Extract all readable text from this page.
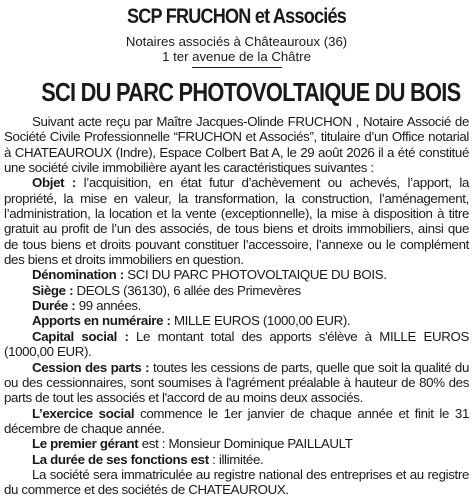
SCP FRUCHON et Associés
Notaires associés à Châteauroux (36)
1 ter avenue de la Châtre
SCI DU PARC PHOTOVOLTAIQUE DU BOIS

Suivant acte reçu par Maître Jacques-Olinde FRUCHON , Notaire Associé de Société Civile Professionnelle “FRUCHON et Associés”, titulaire d’un Office notarial à CHATEAUROUX (Indre), Espace Colbert Bat A, le 29 août 2026 il a été constitué une société civile immobilière ayant les caractéristiques suivantes :

Objet : l’acquisition, en état futur d’achèvement ou achevés, l’apport, la propriété, la mise en valeur, la transformation, la construction, l’aménagement, l’administration, la location et la vente (exceptionnelle), la mise à disposition à titre gratuit au profit de l’un des associés, de tous biens et droits immobiliers, ainsi que de tous biens et droits pouvant constituer l’accessoire, l’annexe ou le complément des biens et droits immobiliers en question.

Dénomination : SCI DU PARC PHOTOVOLTAIQUE DU BOIS.

Siège : DEOLS (36130), 6 allée des Primevères

Durée : 99 années.

Apports en numéraire : MILLE EUROS (1000,00 EUR).

Capital social : Le montant total des apports s'élève à MILLE EUROS (1000,00 EUR).

Cession des parts : toutes les cessions de parts, quelle que soit la qualité du ou des cessionnaires, sont soumises à l'agrément préalable à hauteur de 80% des parts de tout les associés et l'accord de au moins deux associés.

L’exercice social commence le 1er janvier de chaque année et finit le 31 décembre de chaque année.

Le premier gérant est : Monsieur Dominique PAILLAULT

La durée de ses fonctions est : illimitée.

La société sera immatriculée au registre national des entreprises et au registre du commerce et des sociétés de CHATEAUROUX.
